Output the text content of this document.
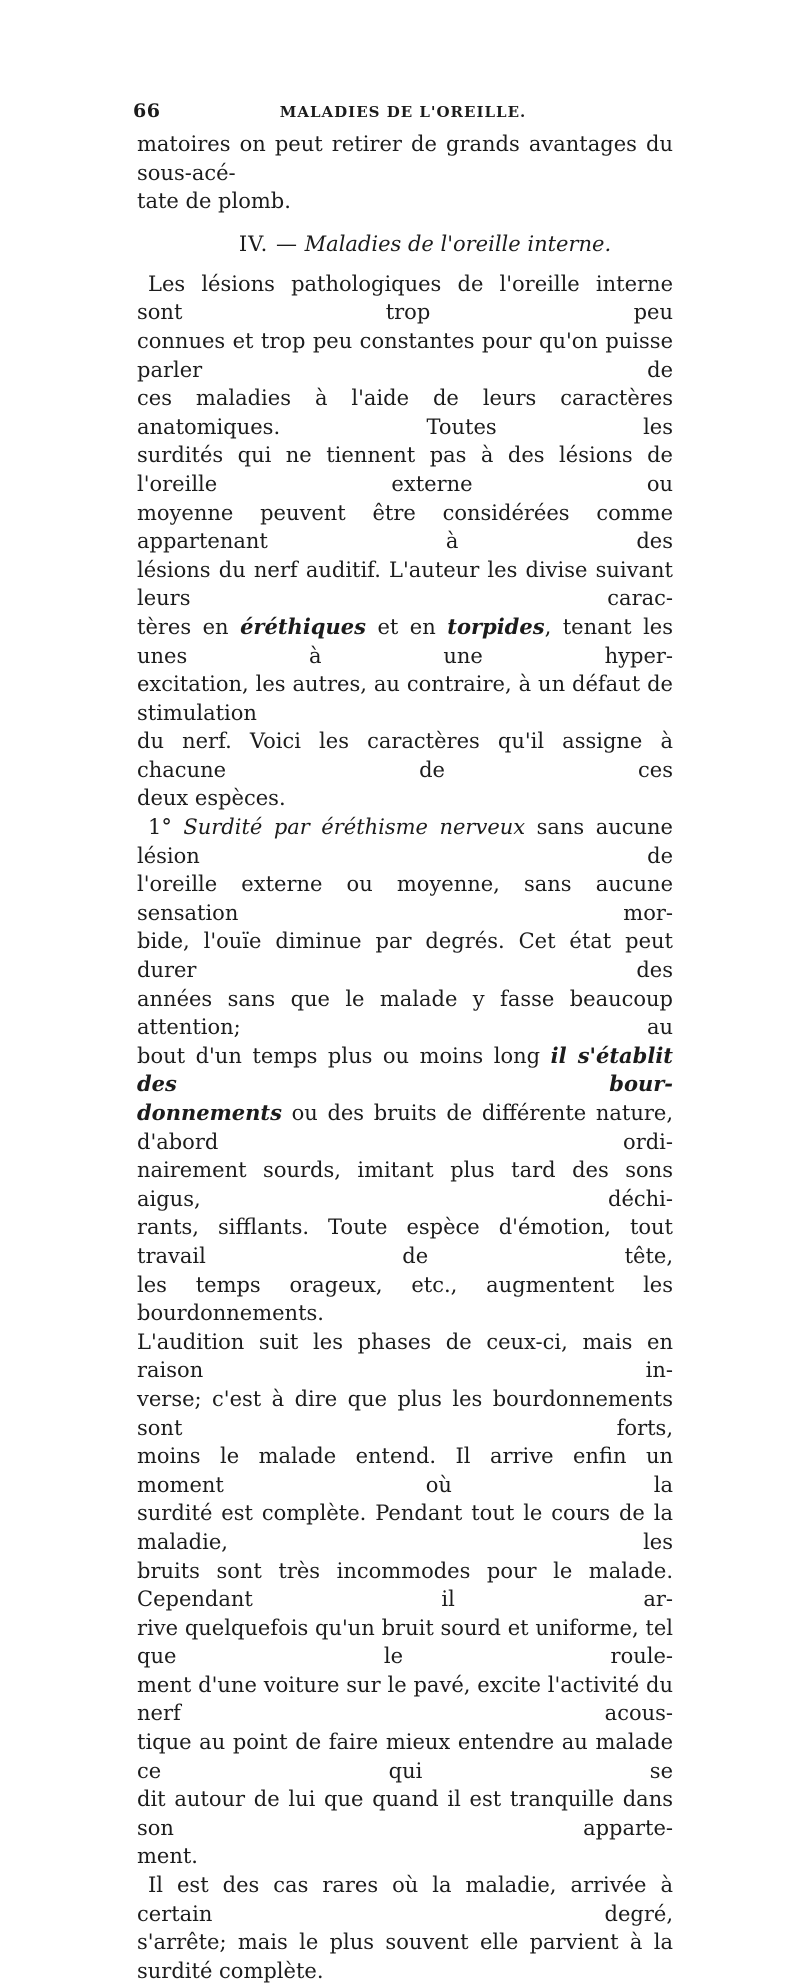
66	MALADIES DE L'OREILLE.

matoires on peut retirer de grands avantages du sous-acé-

tate de plomb.

IV. — Maladies de l'oreille interne.

Les lésions pathologiques de l'oreille interne sont trop peu

connues et trop peu constantes pour qu'on puisse parler de

ces maladies à l'aide de leurs caractères anatomiques. Toutes les

surdités qui ne tiennent pas à des lésions de l'oreille externe ou

moyenne peuvent être considérées comme appartenant à des

lésions du nerf auditif. L'auteur les divise suivant leurs carac-

tères en éréthiques et en torpides, tenant les unes à une hyper-

excitation, les autres, au contraire, à un défaut de stimulation

du nerf. Voici les caractères qu'il assigne à chacune de ces

deux espèces.

1° Surdité par éréthisme nerveux sans aucune lésion de

l'oreille externe ou moyenne, sans aucune sensation mor-

bide, l'ouïe diminue par degrés. Cet état peut durer des

années sans que le malade y fasse beaucoup attention; au

bout d'un temps plus ou moins long il s'établit des bour-

donnements ou des bruits de différente nature, d'abord ordi-

nairement sourds, imitant plus tard des sons aigus, déchi-

rants, sifflants. Toute espèce d'émotion, tout travail de tête,

les temps orageux, etc., augmentent les bourdonnements.

L'audition suit les phases de ceux-ci, mais en raison in-

verse; c'est à dire que plus les bourdonnements sont forts,

moins le malade entend. Il arrive enfin un moment où la

surdité est complète. Pendant tout le cours de la maladie, les

bruits sont très incommodes pour le malade. Cependant il ar-

rive quelquefois qu'un bruit sourd et uniforme, tel que le roule-

ment d'une voiture sur le pavé, excite l'activité du nerf acous-

tique au point de faire mieux entendre au malade ce qui se

dit autour de lui que quand il est tranquille dans son apparte-

ment.

Il est des cas rares où la maladie, arrivée à certain degré,

s'arrête; mais le plus souvent elle parvient à la surdité complète.
